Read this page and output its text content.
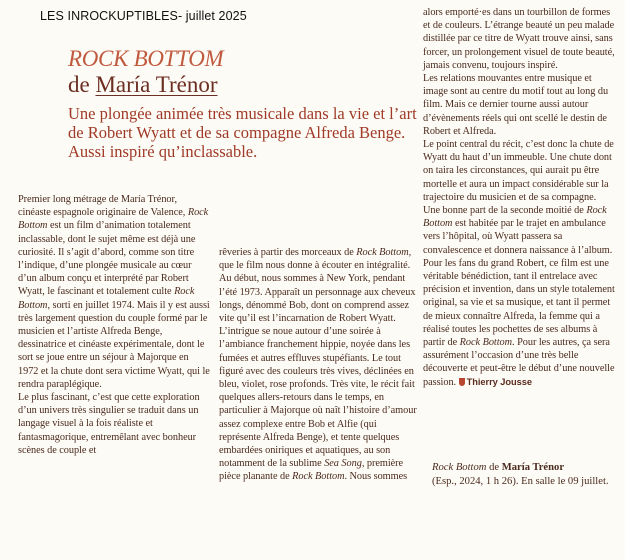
LES INROCKUPTIBLES- juillet 2025
ROCK BOTTOM
de María Trénor
Une plongée animée très musicale dans la vie et l’art de Robert Wyatt et de sa compagne Alfreda Benge. Aussi inspiré qu’inclassable.

Premier long métrage de María Trénor, cinéaste espagnole originaire de Valence, Rock Bottom est un film d’animation totalement inclassable, dont le sujet même est déjà une curiosité. Il s’agit d’abord, comme son titre l’indique, d’une plongée musicale au cœur d’un album conçu et interprété par Robert Wyatt, le fascinant et totalement culte Rock Bottom, sorti en juillet 1974. Mais il y est aussi très largement question du couple formé par le musicien et l’artiste Alfreda Benge, dessinatrice et cinéaste expérimentale, dont le sort se joue entre un séjour à Majorque en 1972 et la chute dont sera victime Wyatt, qui le rendra paraplégique.

Le plus fascinant, c’est que cette exploration d’un univers très singulier se traduit dans un langage visuel à la fois réaliste et fantasmagorique, entremêlant avec bonheur scènes de couple et

rêveries à partir des morceaux de Rock Bottom, que le film nous donne à écouter en intégralité.

Au début, nous sommes à New York, pendant l’été 1973. Apparaît un personnage aux cheveux longs, dénommé Bob, dont on comprend assez vite qu’il est l’incarnation de Robert Wyatt. L’intrigue se noue autour d’une soirée à l’ambiance franchement hippie, noyée dans les fumées et autres effluves stupéfiants. Le tout figuré avec des couleurs très vives, déclinées en bleu, violet, rose profonds. Très vite, le récit fait quelques allers-retours dans le temps, en particulier à Majorque où naît l’histoire d’amour assez complexe entre Bob et Alfie (qui représente Alfreda Benge), et tente quelques embardées oniriques et aquatiques, au son notamment de la sublime Sea Song, première pièce planante de Rock Bottom. Nous sommes

alors emporté·es dans un tourbillon de formes et de couleurs. L’étrange beauté un peu malade distillée par ce titre de Wyatt trouve ainsi, sans forcer, un prolongement visuel de toute beauté, jamais convenu, toujours inspiré.

Les relations mouvantes entre musique et image sont au centre du motif tout au long du film. Mais ce dernier tourne aussi autour d’évènements réels qui ont scellé le destin de Robert et Alfreda.

Le point central du récit, c’est donc la chute de Wyatt du haut d’un immeuble. Une chute dont on taira les circonstances, qui aurait pu être mortelle et aura un impact considérable sur la trajectoire du musicien et de sa compagne.

Une bonne part de la seconde moitié de Rock Bottom est habitée par le trajet en ambulance vers l’hôpital, où Wyatt passera sa convalescence et donnera naissance à l’album. Pour les fans du grand Robert, ce film est une véritable bénédiction, tant il entrelace avec précision et invention, dans un style totalement original, sa vie et sa musique, et tant il permet de mieux connaître Alfreda, la femme qui a réalisé toutes les pochettes de ses albums à partir de Rock Bottom. Pour les autres, ça sera assurément l’occasion d’une très belle découverte et peut-être le début d’une nouvelle passion. Thierry Jousse

Rock Bottom de María Trénor
(Esp., 2024, 1 h 26). En salle le 09 juillet.
